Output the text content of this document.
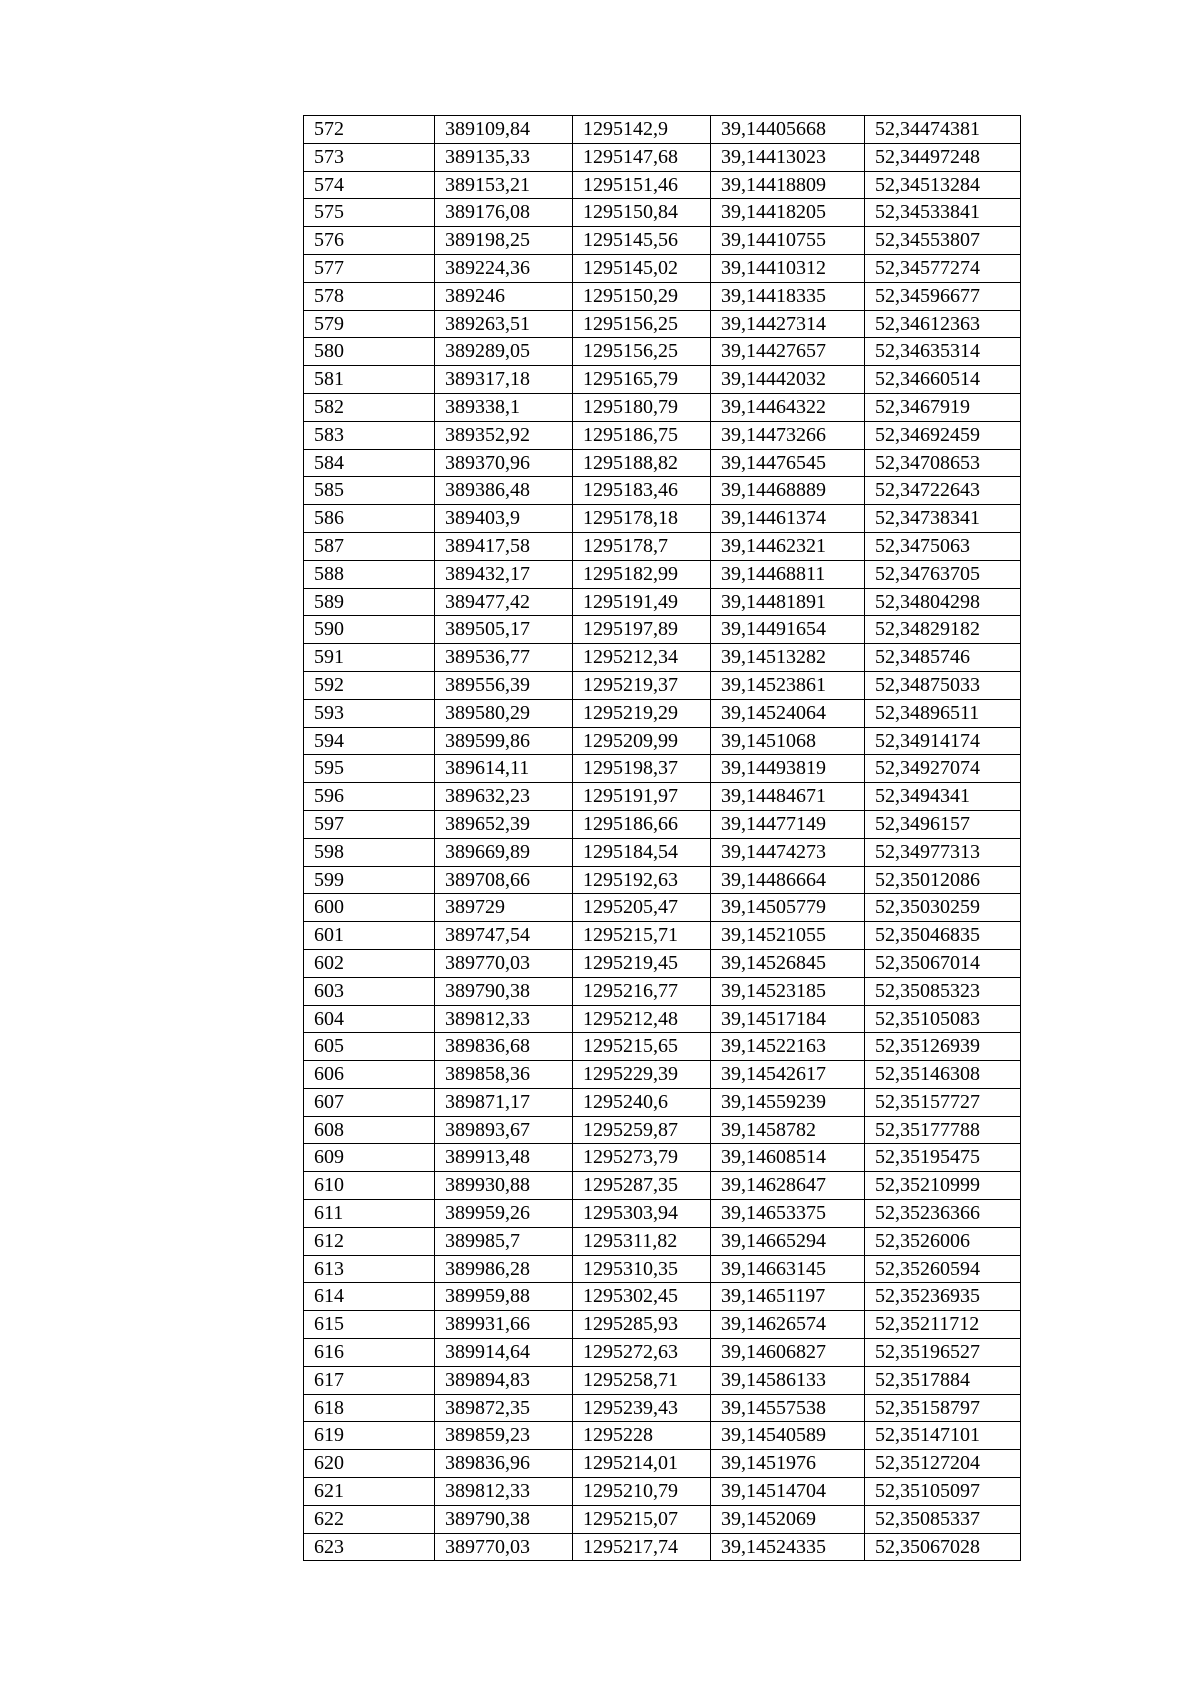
572	389109,84	1295142,9	39,14405668	52,34474381
573	389135,33	1295147,68	39,14413023	52,34497248
574	389153,21	1295151,46	39,14418809	52,34513284
575	389176,08	1295150,84	39,14418205	52,34533841
576	389198,25	1295145,56	39,14410755	52,34553807
577	389224,36	1295145,02	39,14410312	52,34577274
578	389246	1295150,29	39,14418335	52,34596677
579	389263,51	1295156,25	39,14427314	52,34612363
580	389289,05	1295156,25	39,14427657	52,34635314
581	389317,18	1295165,79	39,14442032	52,34660514
582	389338,1	1295180,79	39,14464322	52,3467919
583	389352,92	1295186,75	39,14473266	52,34692459
584	389370,96	1295188,82	39,14476545	52,34708653
585	389386,48	1295183,46	39,14468889	52,34722643
586	389403,9	1295178,18	39,14461374	52,34738341
587	389417,58	1295178,7	39,14462321	52,3475063
588	389432,17	1295182,99	39,14468811	52,34763705
589	389477,42	1295191,49	39,14481891	52,34804298
590	389505,17	1295197,89	39,14491654	52,34829182
591	389536,77	1295212,34	39,14513282	52,3485746
592	389556,39	1295219,37	39,14523861	52,34875033
593	389580,29	1295219,29	39,14524064	52,34896511
594	389599,86	1295209,99	39,1451068	52,34914174
595	389614,11	1295198,37	39,14493819	52,34927074
596	389632,23	1295191,97	39,14484671	52,3494341
597	389652,39	1295186,66	39,14477149	52,3496157
598	389669,89	1295184,54	39,14474273	52,34977313
599	389708,66	1295192,63	39,14486664	52,35012086
600	389729	1295205,47	39,14505779	52,35030259
601	389747,54	1295215,71	39,14521055	52,35046835
602	389770,03	1295219,45	39,14526845	52,35067014
603	389790,38	1295216,77	39,14523185	52,35085323
604	389812,33	1295212,48	39,14517184	52,35105083
605	389836,68	1295215,65	39,14522163	52,35126939
606	389858,36	1295229,39	39,14542617	52,35146308
607	389871,17	1295240,6	39,14559239	52,35157727
608	389893,67	1295259,87	39,1458782	52,35177788
609	389913,48	1295273,79	39,14608514	52,35195475
610	389930,88	1295287,35	39,14628647	52,35210999
611	389959,26	1295303,94	39,14653375	52,35236366
612	389985,7	1295311,82	39,14665294	52,3526006
613	389986,28	1295310,35	39,14663145	52,35260594
614	389959,88	1295302,45	39,14651197	52,35236935
615	389931,66	1295285,93	39,14626574	52,35211712
616	389914,64	1295272,63	39,14606827	52,35196527
617	389894,83	1295258,71	39,14586133	52,3517884
618	389872,35	1295239,43	39,14557538	52,35158797
619	389859,23	1295228	39,14540589	52,35147101
620	389836,96	1295214,01	39,1451976	52,35127204
621	389812,33	1295210,79	39,14514704	52,35105097
622	389790,38	1295215,07	39,1452069	52,35085337
623	389770,03	1295217,74	39,14524335	52,35067028
